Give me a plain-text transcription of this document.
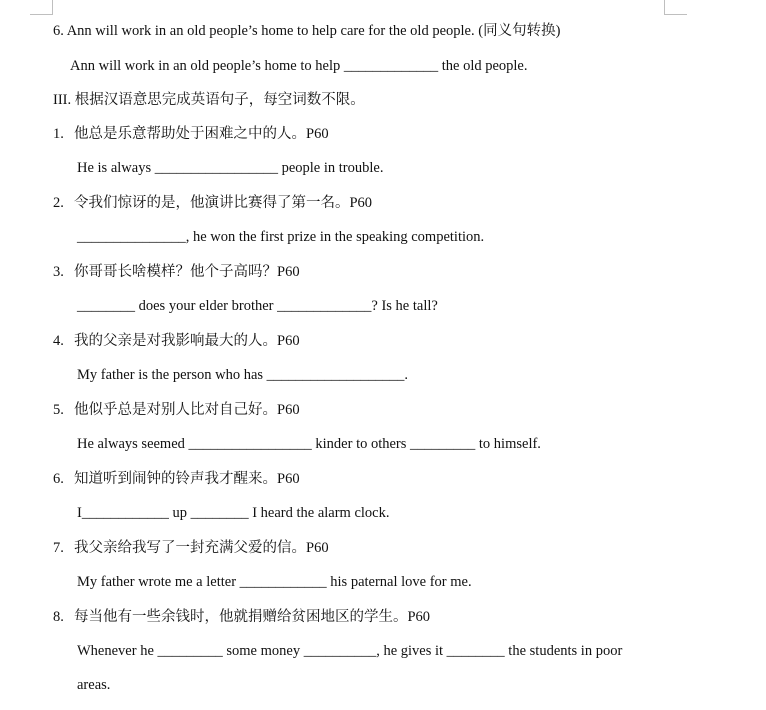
6. Ann will work in an old people’s home to help care for the old people. (同义句转换)
Ann will work in an old people’s home to help _____________ the old people.
III. 根据汉语意思完成英语句子，每空词数不限。
1. 他总是乐意帮助处于困难之中的人。P60
He is always _________________ people in trouble.
2. 令我们惊讶的是，他演讲比赛得了第一名。P60
_______________, he won the first prize in the speaking competition.
3. 你哥哥长啥模样？他个子高吗？P60
________ does your elder brother _____________? Is he tall?
4. 我的父亲是对我影响最大的人。P60
My father is the person who has ___________________.
5. 他似乎总是对别人比对自己好。P60
He always seemed _________________ kinder to others _________ to himself.
6. 知道听到闹钟的铃声我才醒来。P60
I____________ up ________ I heard the alarm clock.
7. 我父亲给我写了一封充满父爱的信。P60
My father wrote me a letter ____________ his paternal love for me.
8. 每当他有一些余钱时，他就捐赠给贫困地区的学生。P60
Whenever he _________ some money __________, he gives it ________ the students in poor
areas.
